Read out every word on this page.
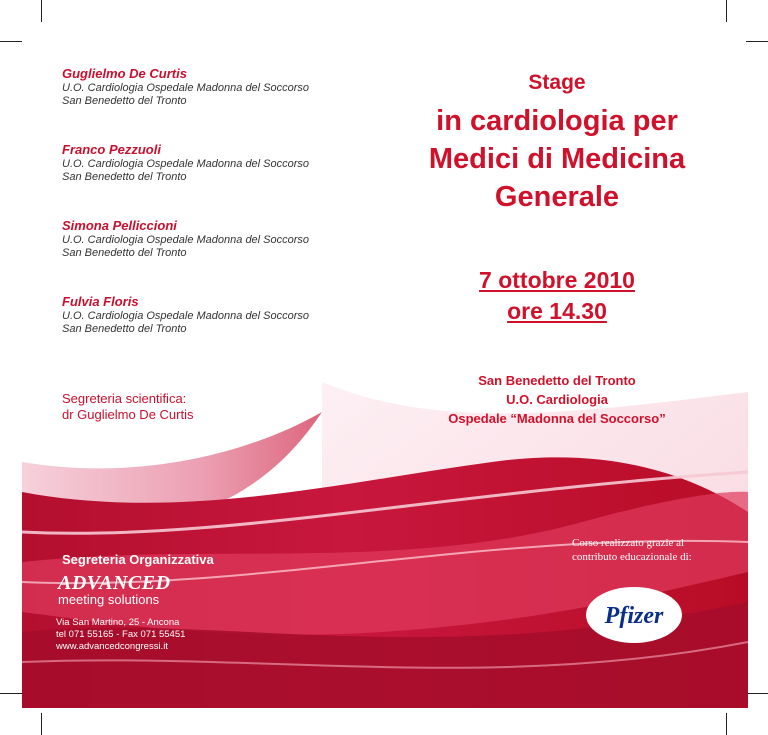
Guglielmo De Curtis
U.O. Cardiologia Ospedale Madonna del Soccorso
San Benedetto del Tronto
Franco Pezzuoli
U.O. Cardiologia Ospedale Madonna del Soccorso
San Benedetto del Tronto
Simona Pelliccioni
U.O. Cardiologia Ospedale Madonna del Soccorso
San Benedetto del Tronto
Fulvia Floris
U.O. Cardiologia Ospedale Madonna del Soccorso
San Benedetto del Tronto
Segreteria scientifica:
dr Guglielmo De Curtis
Stage
in cardiologia per
Medici di Medicina
Generale
7 ottobre 2010
ore 14.30
San Benedetto del Tronto
U.O. Cardiologia
Ospedale “Madonna del Soccorso”
Segreteria Organizzativa
ADVANCED
meeting solutions
Via San Martino, 25 - Ancona
tel 071 55165 - Fax 071 55451
www.advancedcongressi.it
Corso realizzato grazie al
contributo educazionale di:
Pfizer
